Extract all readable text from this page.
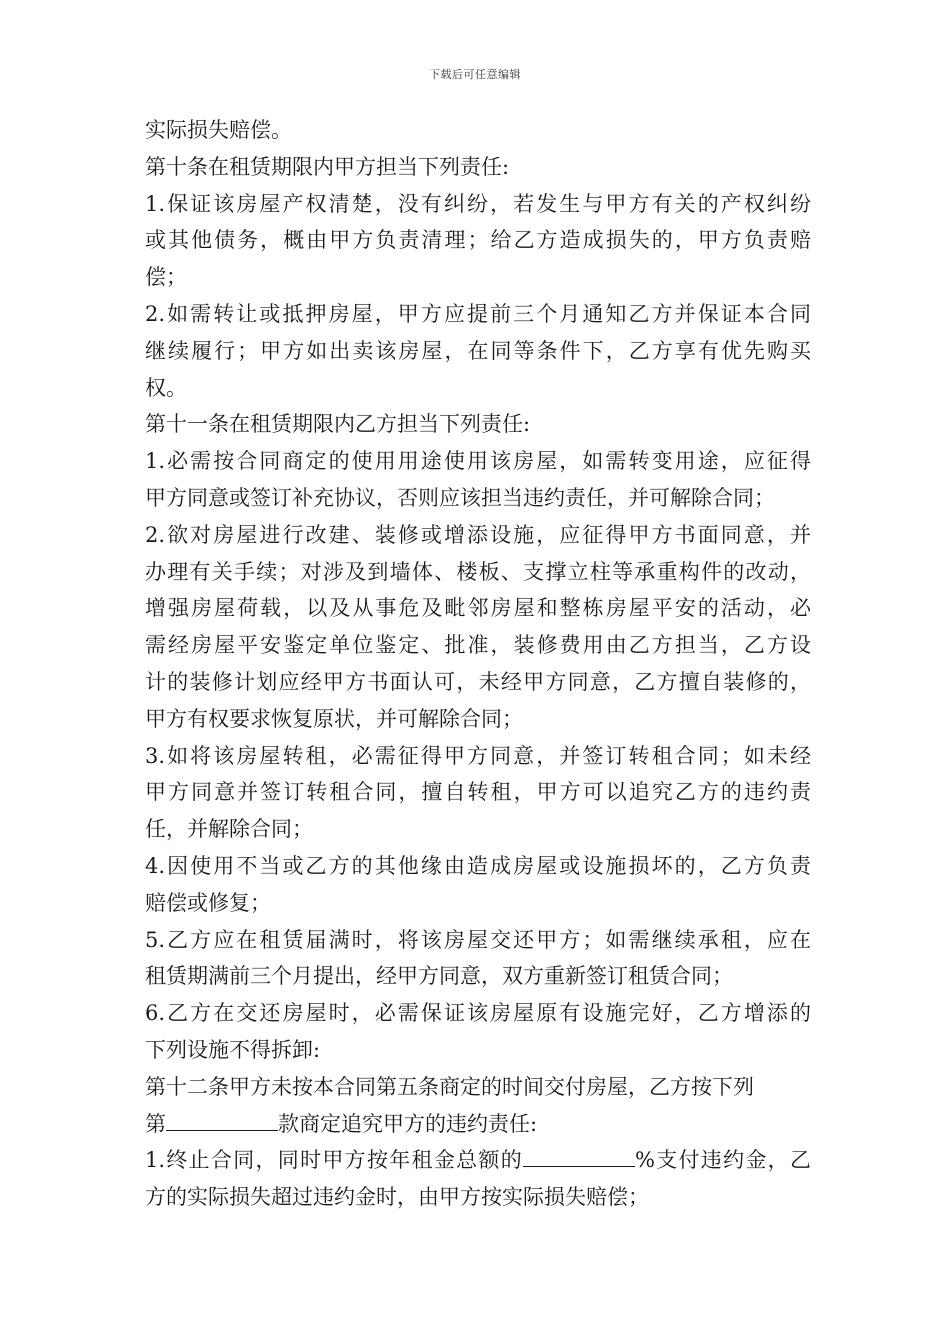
下载后可任意编辑
实际损失赔偿。
第十条在租赁期限内甲方担当下列责任:
1.保证该房屋产权清楚，没有纠纷，若发生与甲方有关的产权纠纷
或其他债务，概由甲方负责清理；给乙方造成损失的，甲方负责赔
偿；
2.如需转让或抵押房屋，甲方应提前三个月通知乙方并保证本合同
继续履行；甲方如出卖该房屋，在同等条件下，乙方享有优先购买
权。
第十一条在租赁期限内乙方担当下列责任:
1.必需按合同商定的使用用途使用该房屋，如需转变用途，应征得
甲方同意或签订补充协议，否则应该担当违约责任，并可解除合同；
2.欲对房屋进行改建、装修或增添设施，应征得甲方书面同意，并
办理有关手续；对涉及到墙体、楼板、支撑立柱等承重构件的改动，
增强房屋荷载，以及从事危及毗邻房屋和整栋房屋平安的活动，必
需经房屋平安鉴定单位鉴定、批准，装修费用由乙方担当，乙方设
计的装修计划应经甲方书面认可，未经甲方同意，乙方擅自装修的，
甲方有权要求恢复原状，并可解除合同；
3.如将该房屋转租，必需征得甲方同意，并签订转租合同；如未经
甲方同意并签订转租合同，擅自转租，甲方可以追究乙方的违约责
任，并解除合同；
4.因使用不当或乙方的其他缘由造成房屋或设施损坏的，乙方负责
赔偿或修复；
5.乙方应在租赁届满时，将该房屋交还甲方；如需继续承租，应在
租赁期满前三个月提出，经甲方同意，双方重新签订租赁合同；
6.乙方在交还房屋时，必需保证该房屋原有设施完好，乙方增添的
下列设施不得拆卸:
第十二条甲方未按本合同第五条商定的时间交付房屋，乙方按下列
第	款商定追究甲方的违约责任:
1.终止合同，同时甲方按年租金总额的	%支付违约金，乙
方的实际损失超过违约金时，由甲方按实际损失赔偿；
